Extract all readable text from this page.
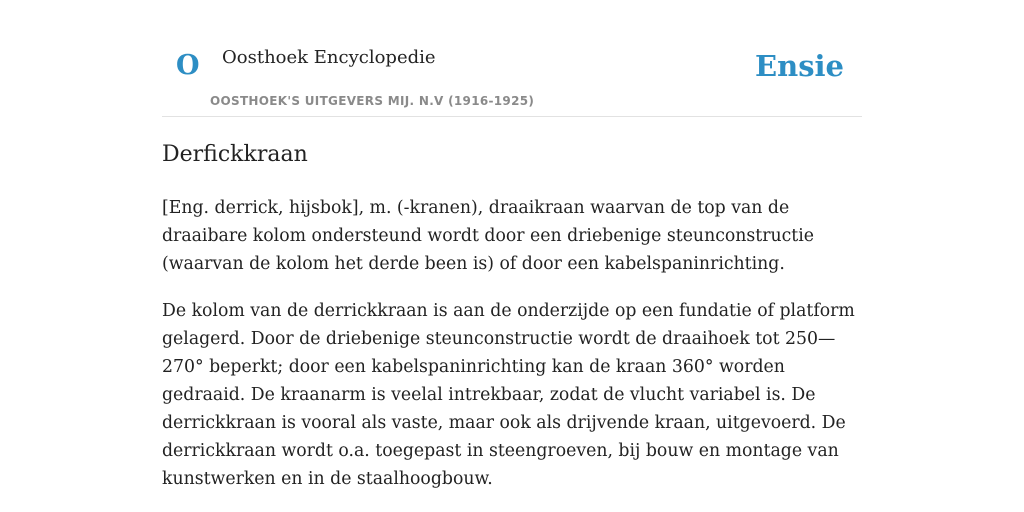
O Oosthoek Encyclopedie
OOSTHOEK'S UITGEVERS MIJ. N.V (1916-1925)
Ensie
Derfickkraan

[Eng. derrick, hijsbok], m. (-kranen), draaikraan waarvan de top van de draaibare kolom ondersteund wordt door een driebenige steunconstructie (waarvan de kolom het derde been is) of door een kabelspaninrichting.

De kolom van de derrickkraan is aan de onderzijde op een fundatie of platform gelagerd. Door de driebenige steunconstructie wordt de draaihoek tot 250—270° beperkt; door een kabelspaninrichting kan de kraan 360° worden gedraaid. De kraanarm is veelal intrekbaar, zodat de vlucht variabel is. De derrickkraan is vooral als vaste, maar ook als drijvende kraan, uitgevoerd. De derrickkraan wordt o.a. toegepast in steengroeven, bij bouw en montage van kunstwerken en in de staalhoogbouw.
